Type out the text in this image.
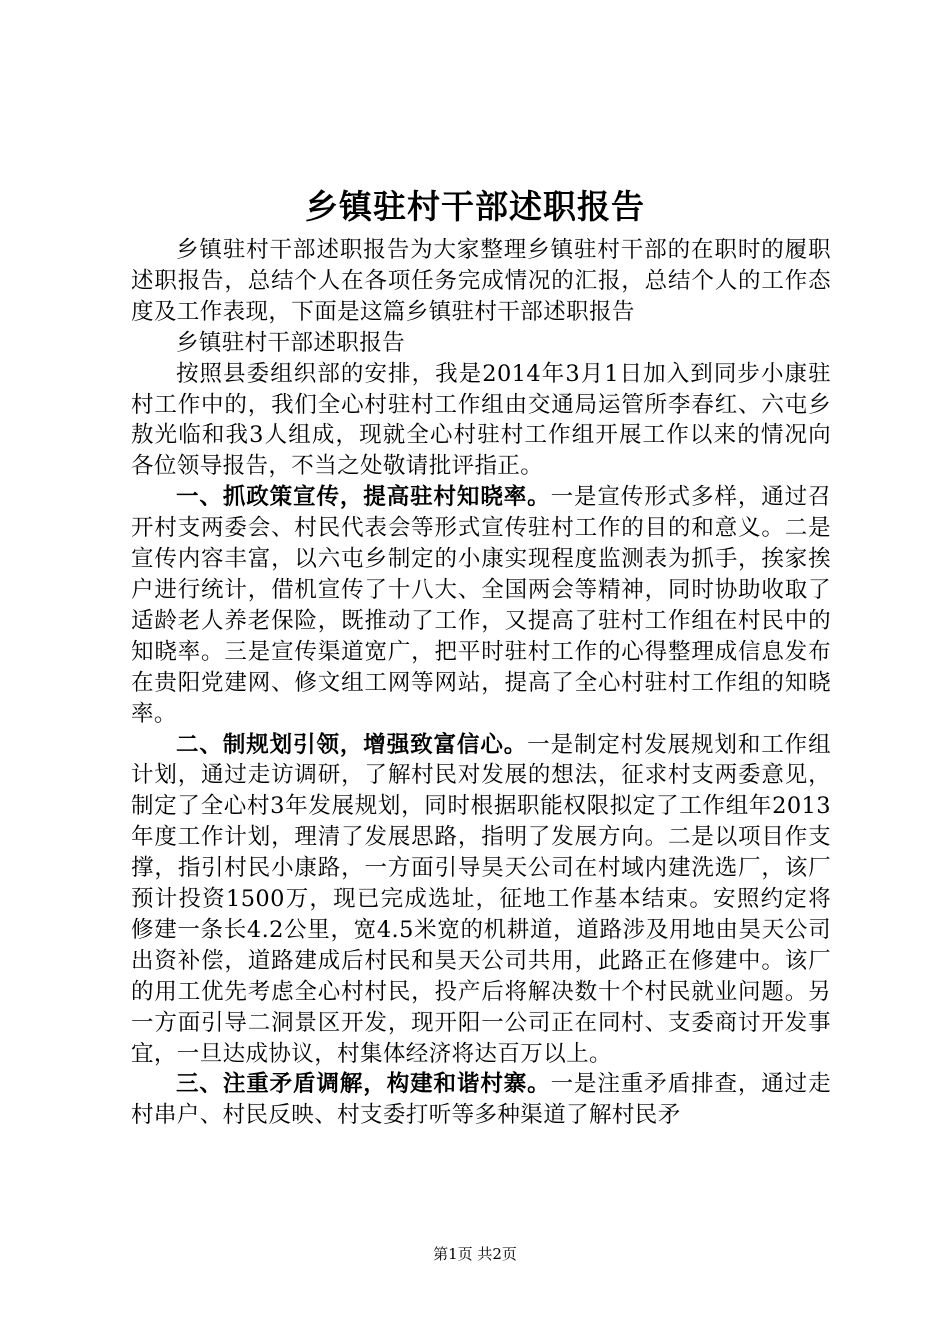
乡镇驻村干部述职报告

乡镇驻村干部述职报告为大家整理乡镇驻村干部的在职时的履职述职报告，总结个人在各项任务完成情况的汇报，总结个人的工作态度及工作表现，下面是这篇乡镇驻村干部述职报告

乡镇驻村干部述职报告

按照县委组织部的安排，我是2014年3月1日加入到同步小康驻村工作中的，我们全心村驻村工作组由交通局运管所李春红、六屯乡敖光临和我3人组成，现就全心村驻村工作组开展工作以来的情况向各位领导报告，不当之处敬请批评指正。

一、抓政策宣传，提高驻村知晓率。一是宣传形式多样，通过召开村支两委会、村民代表会等形式宣传驻村工作的目的和意义。二是宣传内容丰富，以六屯乡制定的小康实现程度监测表为抓手，挨家挨户进行统计，借机宣传了十八大、全国两会等精神，同时协助收取了适龄老人养老保险，既推动了工作，又提高了驻村工作组在村民中的知晓率。三是宣传渠道宽广，把平时驻村工作的心得整理成信息发布在贵阳党建网、修文组工网等网站，提高了全心村驻村工作组的知晓率。

二、制规划引领，增强致富信心。一是制定村发展规划和工作组计划，通过走访调研，了解村民对发展的想法，征求村支两委意见，制定了全心村3年发展规划，同时根据职能权限拟定了工作组年2013年度工作计划，理清了发展思路，指明了发展方向。二是以项目作支撑，指引村民小康路，一方面引导昊天公司在村域内建洗选厂，该厂预计投资1500万，现已完成选址，征地工作基本结束。安照约定将修建一条长4.2公里，宽4.5米宽的机耕道，道路涉及用地由昊天公司出资补偿，道路建成后村民和昊天公司共用，此路正在修建中。该厂的用工优先考虑全心村村民，投产后将解决数十个村民就业问题。另一方面引导二洞景区开发，现开阳一公司正在同村、支委商讨开发事宜，一旦达成协议，村集体经济将达百万以上。

三、注重矛盾调解，构建和谐村寨。一是注重矛盾排查，通过走村串户、村民反映、村支委打听等多种渠道了解村民矛

第1页 共2页
